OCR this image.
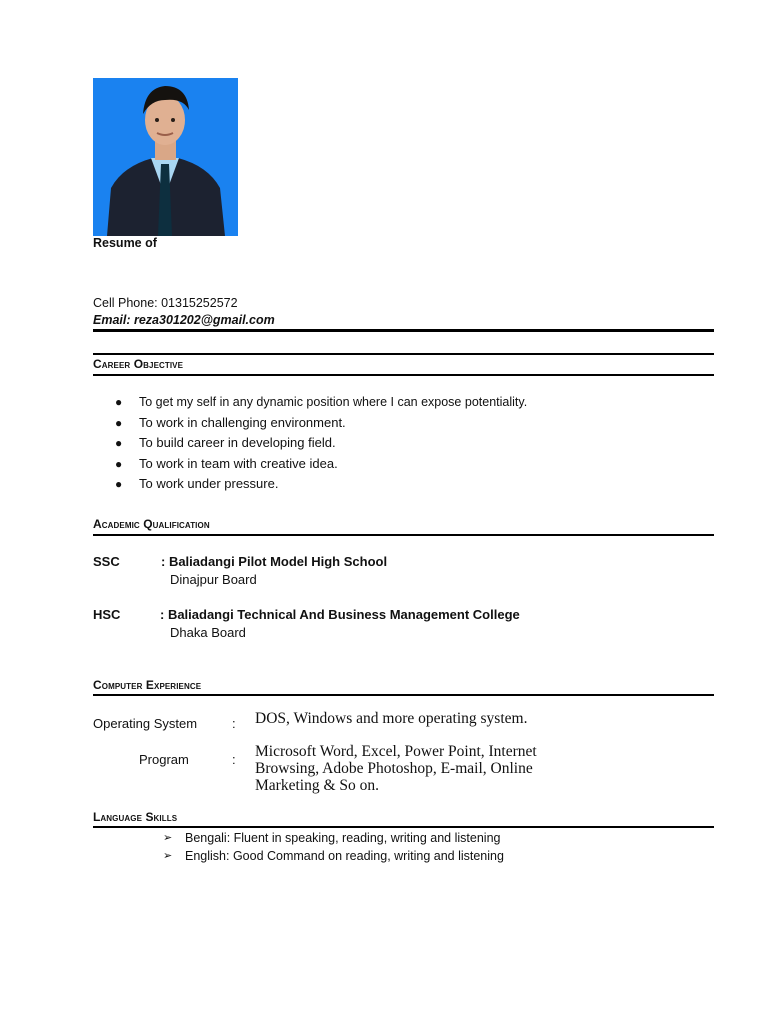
Resume of
Cell Phone: 01315252572
Email: reza301202@gmail.com
Career Objective
● To get my self in any dynamic position where I can expose potentiality.
● To work in challenging environment.
● To build career in developing field.
● To work in team with creative idea.
● To work under pressure.
Academic Qualification
SSC	: Baliadangi Pilot Model High School
Dinajpur Board
HSC	: Baliadangi Technical And Business Management College
Dhaka Board
Computer Experience
Operating System	: DOS, Windows and more operating system.
Program	: Microsoft Word, Excel, Power Point, Internet
Browsing, Adobe Photoshop, E-mail, Online
Marketing & So on.
Language Skills
➢ Bengali: Fluent in speaking, reading, writing and listening
➢ English: Good Command on reading, writing and listening
